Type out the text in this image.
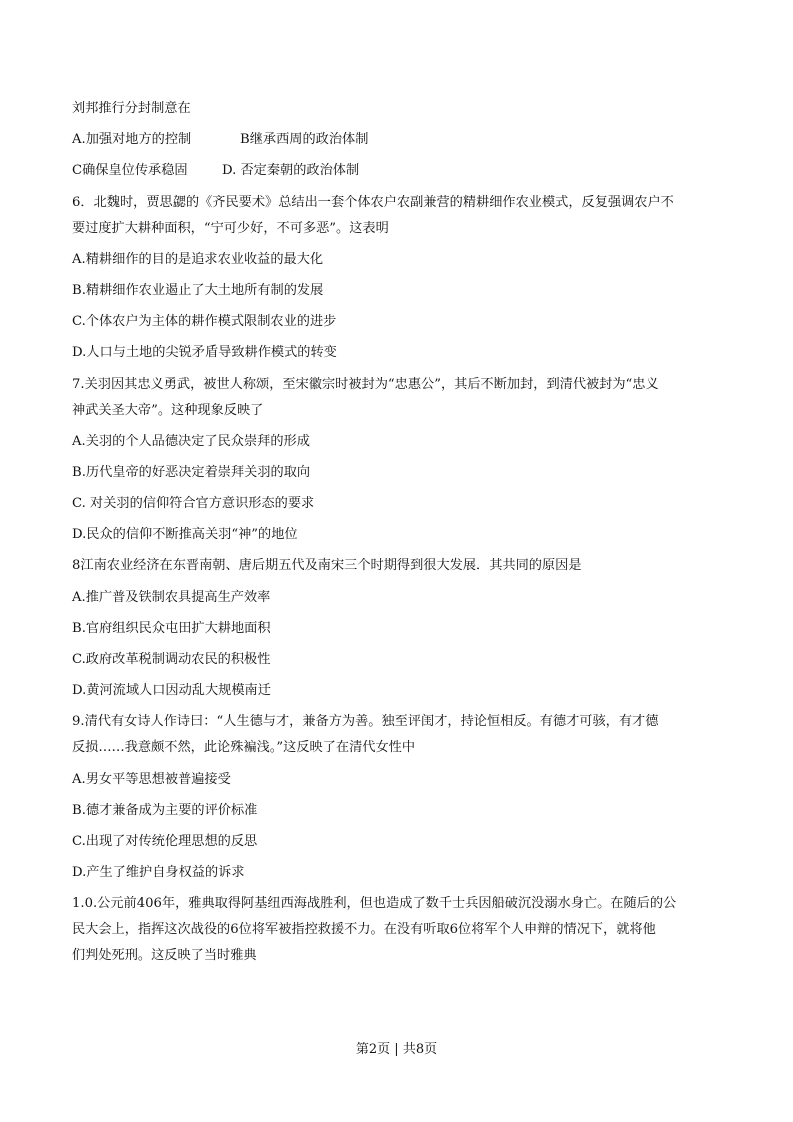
刘邦推行分封制意在
A.加强对地方的控制	B继承西周的政治体制
C确保皇位传承稳固	D. 否定秦朝的政治体制
6．北魏时，贾思勰的《齐民要术》总结出一套个体农户农副兼营的精耕细作农业模式，反复强调农户不
要过度扩大耕种面积，“宁可少好，不可多恶”。这表明
A.精耕细作的目的是追求农业收益的最大化
B.精耕细作农业遏止了大土地所有制的发展
C.个体农户为主体的耕作模式限制农业的进步
D.人口与土地的尖锐矛盾导致耕作模式的转变
7.关羽因其忠义勇武，被世人称颂，至宋徽宗时被封为“忠惠公”，其后不断加封，到清代被封为“忠义
神武关圣大帝”。这种现象反映了
A.关羽的个人品德决定了民众崇拜的形成
B.历代皇帝的好恶决定着崇拜关羽的取向
C. 对关羽的信仰符合官方意识形态的要求
D.民众的信仰不断推高关羽“神”的地位
8江南农业经济在东晋南朝、唐后期五代及南宋三个时期得到很大发展．其共同的原因是
A.推广普及铁制农具提高生产效率
B.官府组织民众屯田扩大耕地面积
C.政府改革税制调动农民的积极性
D.黄河流域人口因动乱大规模南迁
9.清代有女诗人作诗曰：“人生德与才，兼备方为善。独至评闺才，持论恒相反。有德才可骇，有才德
反损……我意颇不然，此论殊褊浅。”这反映了在清代女性中
A.男女平等思想被普遍接受
B.德才兼备成为主要的评价标准
C.出现了对传统伦理思想的反思
D.产生了维护自身权益的诉求
1.0.公元前406年，雅典取得阿基纽西海战胜利，但也造成了数千士兵因船破沉没溺水身亡。在随后的公
民大会上，指挥这次战役的6位将军被指控救援不力。在没有听取6位将军个人申辩的情况下，就将他
们判处死刑。这反映了当时雅典
第2页 | 共8页
